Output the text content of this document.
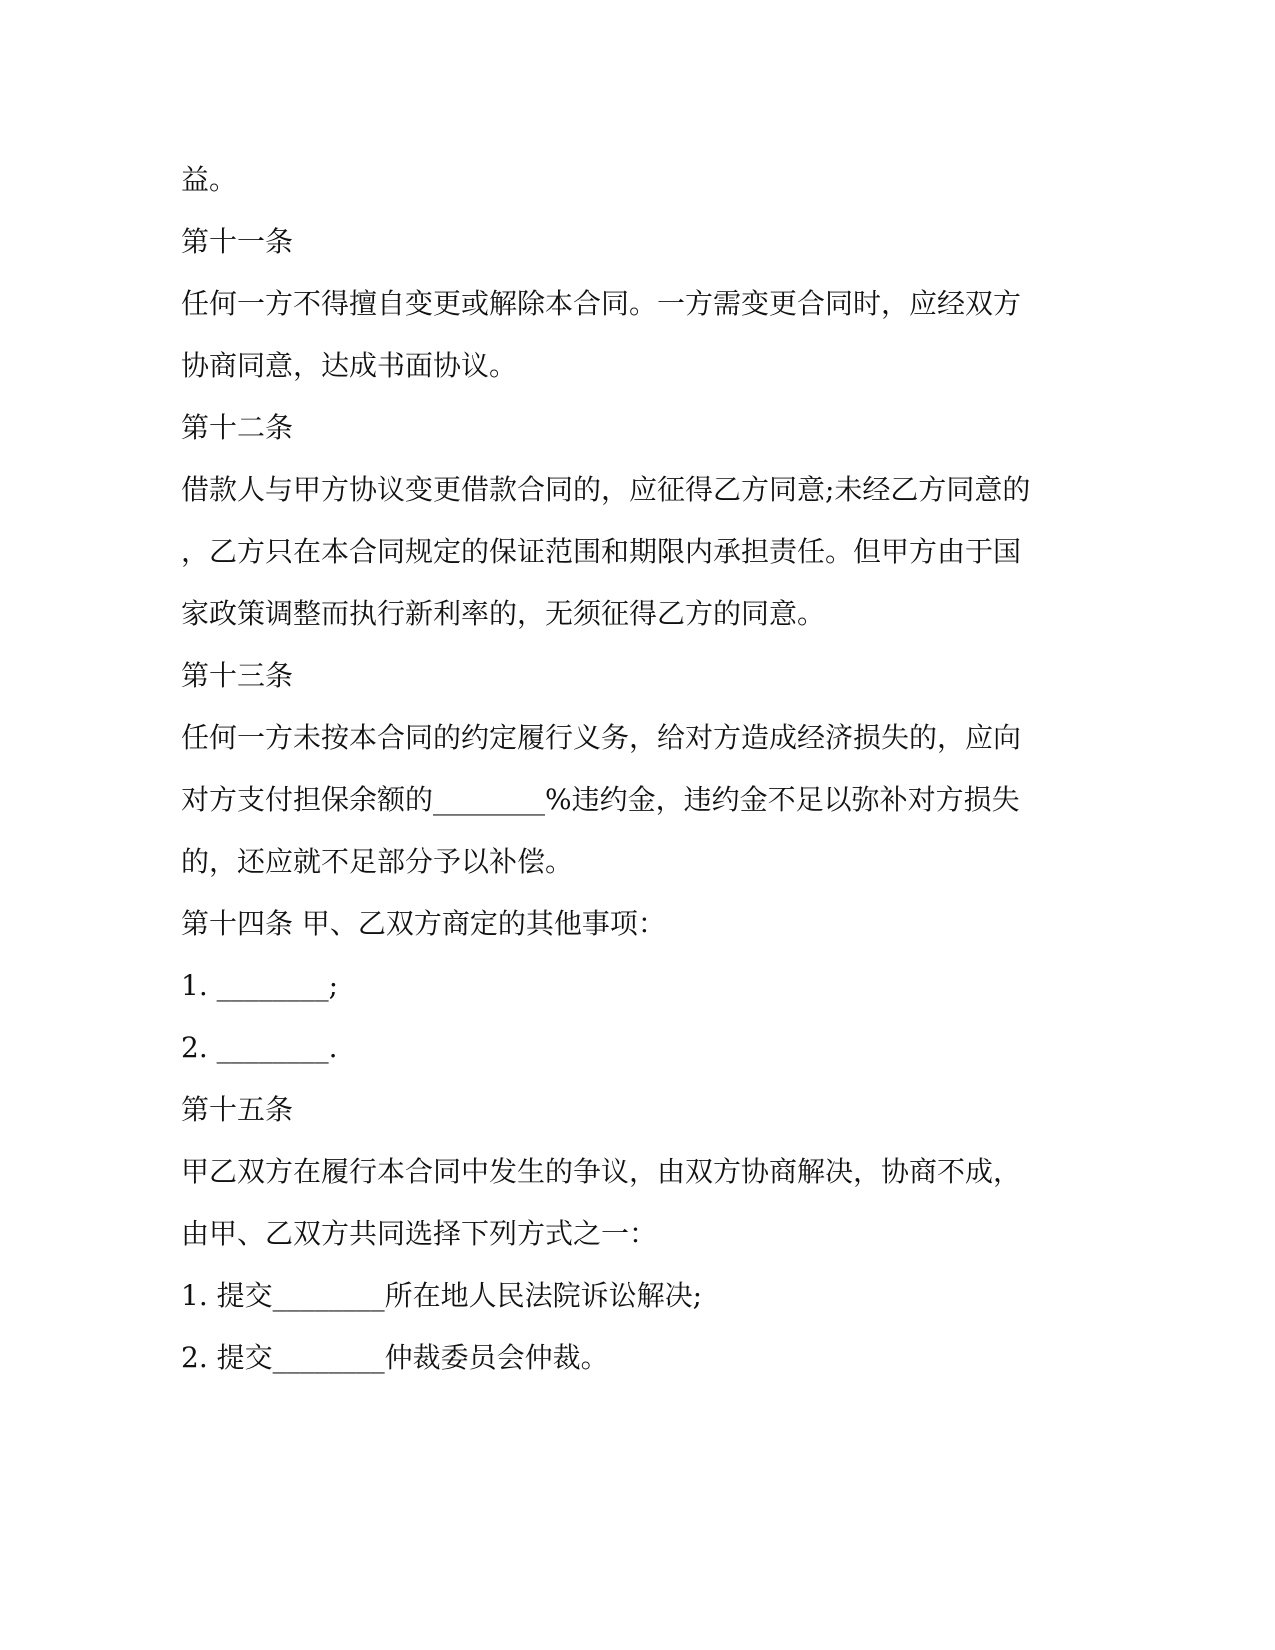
益。

第十一条

任何一方不得擅自变更或解除本合同。一方需变更合同时，应经双方

协商同意，达成书面协议。

第十二条

借款人与甲方协议变更借款合同的，应征得乙方同意;未经乙方同意的

，乙方只在本合同规定的保证范围和期限内承担责任。但甲方由于国

家政策调整而执行新利率的，无须征得乙方的同意。

第十三条

任何一方未按本合同的约定履行义务，给对方造成经济损失的，应向

对方支付担保余额的________%违约金，违约金不足以弥补对方损失

的，还应就不足部分予以补偿。

第十四条 甲、乙双方商定的其他事项：

1. ________;

2. ________.

第十五条

甲乙双方在履行本合同中发生的争议，由双方协商解决，协商不成，

由甲、乙双方共同选择下列方式之一：

1. 提交________所在地人民法院诉讼解决;

2. 提交________仲裁委员会仲裁。
